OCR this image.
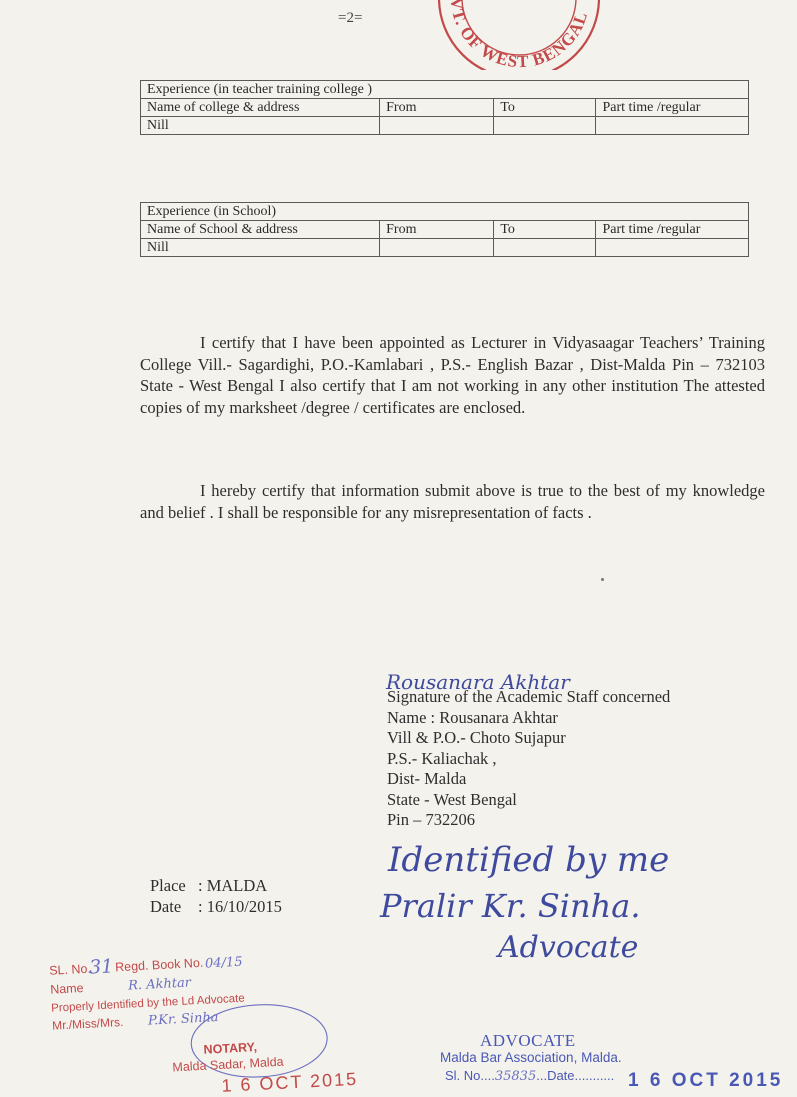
=2=
VT. OF WEST BENGAL
Experience (in teacher training college )			
Name of college & address	From	To	Part time /regular
Nill			
Experience (in School)			
Name of School & address	From	To	Part time /regular
Nill			

I certify that I have been appointed as Lecturer in Vidyasaagar Teachers’ Training College Vill.- Sagardighi, P.O.-Kamlabari , P.S.- English Bazar , Dist-Malda Pin – 732103 State - West Bengal I also certify that I am not working in any other institution The attested copies of my marksheet /degree / certificates are enclosed.

I hereby certify that information submit above is true to the best of my knowledge and belief . I shall be responsible for any misrepresentation of facts .

Rousanara Akhtar
Signature of the Academic Staff concerned
Name : Rousanara Akhtar
Vill & P.O.- Choto Sujapur
P.S.- Kaliachak ,
Dist- Malda
State - West Bengal
Pin – 732206
Identified by me
Pralir Kr. Sinha.
Advocate
Place : MALDA
Date : 16/10/2015
SL. No.
31 Regd. Book No. 04/15
Name	R. Akhtar
Properly Identified by the Ld Advocate
Mr./Miss/Mrs. P.Kr. Sinha
NOTARY,
Malda Sadar, Malda
1 6 OCT 2015
ADVOCATE
Malda Bar Association, Malda.
Sl. No....35835...Date........... 1 6 OCT 2015
